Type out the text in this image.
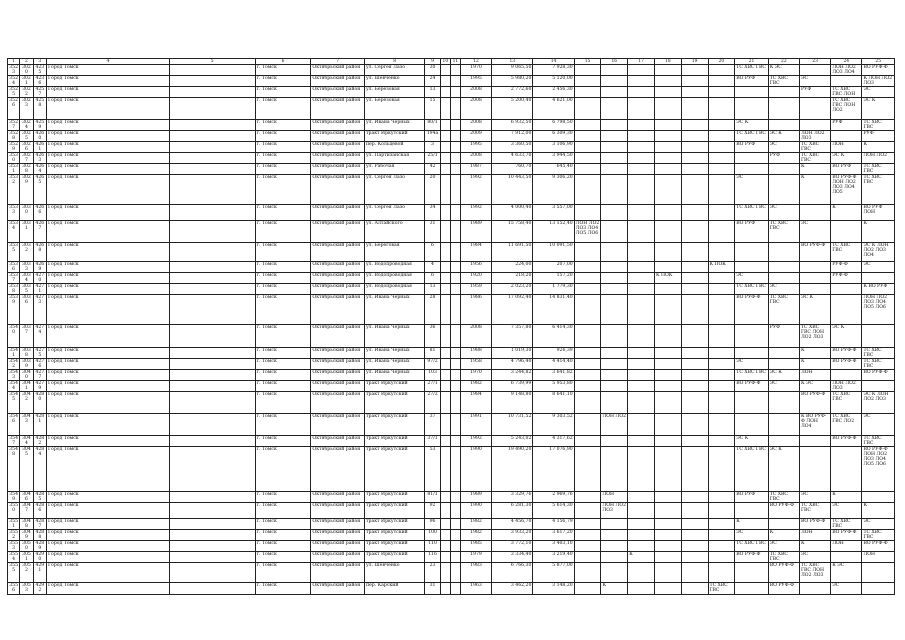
1	2	3	4	5	6	7	8	9	10	11	12	13	14	15	16	17	18	19	20	21	22	23	24	25
3523	3020	4235	Город Томск		г. Томск	Октябрьский район	ул. Сергея Лазо	30			1970	9 065,50	7 928,30							ТС ХВС ГВС	К ЭС		ЛОН ЛО2 ЛО3 ЛО4	ВО РУФ-Ф
3524	3021	4236	Город Томск		г. Томск	Октябрьский район	ул. Шевченко	24			1995	5 980,20	5 120,00							ВО РУФ	ТС ХВС ГВС	ЭС		К ЛОН ЛО2 ЛО3
3525	3022	4257	Город Томск		г. Томск	Октябрьский район	ул. Берёзовая	13			2008	2 772,60	2 456,30									РУФ	ТС ХВС ГВС ЛОН	ЭС
3526	3023	4258	Город Томск		г. Томск	Октябрьский район	ул. Берёзовая	15			2008	5 200,40	4 621,00										ТС ХВС ГВС ЛОН ЛО2	ЭС К
3527	3024	4259	Город Томск		г. Томск	Октябрьский район	ул. Ивана Черных	80/1			2008	6 932,50	6 798,50							ЭС К			РУФ	ТС ХВС ГВС
3528	3025	4260	Город Томск		г. Томск	Октябрьский район	тракт Иркутский	194а			2009	7 912,00	6 309,30							ТС ХВС ГВС	ЭС К	ЛОН ЛО2 ЛО3		РУФ
3529	3026	4261	Город Томск		г. Томск	Октябрьский район	пер. Кольцевой	3			1995	3 360,50	3 106,90							ВО РУФ	ЭС	ТС ХВС ГВС	ЛОН	К
3530	3027	4263	Город Томск		г. Томск	Октябрьский район	ул. Партизанская	25/1			2008	4 633,70	3 944,50								РУФ	ТС ХВС ГВС	ЭС К	ЛОН ЛО2
3531	3028	4264	Город Томск		г. Томск	Октябрьский район	ул. Рабочая	42			1987	760,70	645,40									К	ВО РУФ	ТС ХВС ГВС
3532	3029	4265	Город Томск		г. Томск	Октябрьский район	ул. Сергея Лазо	20			1992	10 443,50	9 306,20							ЭС		К	ВО РУФ-Ф ЛОН ЛО2 ЛО3 ЛО4 ЛО5	ТС ХВС ГВС
3533	3030	4266	Город Томск		г. Томск	Октябрьский район	ул. Сергея Лазо	34			1992	4 000,40	3 557,00							ТС ХВС ГВС	ЭС		К	ВО РУФ ЛОН
3534	3031	4267	Город Томск		г. Томск	Октябрьский район	ул. Алтайского	31			1989	15 758,40	13 152,40	ЛОН ЛО2 ЛО3 ЛО4 ЛО5 ЛО6						ВО РУФ	ТС ХВС ГВС	ЭС		К
3535	3032	4268	Город Томск		г. Томск	Октябрьский район	ул. Береговая	6			1984	11 691,50	10 091,50									ВО РУФ-Ф	ТС ХВС ГВС	ЭС К ЛОН ЛО2 ЛО3 ЛО4
3536	3033	4269	Город Томск		г. Томск	Октябрьский район	ул. Водопроводная	4			1956	224,00	207,00						К ПОК				РУФ-Ф	ЭС
3537	3034	4270	Город Томск		г. Томск	Октябрьский район	ул. Водопроводная	6			1920	218,20	157,20				К ПОК			ЭС			РУФ-Ф	
3538	3035	4271	Город Томск		г. Томск	Октябрьский район	ул. Водопроводная	13			1959	2 023,20	1 779,30							ТС ХВС ГВС	ЭС			К ВО РУФ
3539	3036	4273	Город Томск		г. Томск	Октябрьский район	ул. Ивана Черных	28			1986	17 092,40	14 831,40							ВО РУФ-Ф	ТС ХВС ГВС	ЭС К		ЛОН ЛО2 ЛО3 ЛО4 ЛО5 ЛО6
3540	3037	4274	Город Томск		г. Томск	Октябрьский район	ул. Ивана Черных	36			2008	7 357,80	6 414,30								РУФ	ТС ХВС ГВС ЛОН ЛО2 ЛО3	ЭС К	
3541	3038	4275	Город Томск		г. Томск	Октябрьский район	ул. Ивана Черных	81			1988	1 019,30	926,39									К	ВО РУФ-Ф	ТС ХВС ГВС
3542	3039	4276	Город Томск		г. Томск	Октябрьский район	ул. Ивана Черных	97/2			1958	4 796,40	4 414,40							ЭС		К	ВО РУФ-Ф	ТС ХВС ГВС
3543	3040	4277	Город Томск		г. Томск	Октябрьский район	ул. Ивана Черных	103			1970	3 244,82	3 641,82							ТС ХВС ГВС	ЭС К	ЛОН		ВО РУФ-Ф
3544	3041	4279	Город Томск		г. Томск	Октябрьский район	тракт Иркутский	27/1			1982	6 739,99	5 953,80							ВО РУФ-Ф	ЭС	К ЭС	ЛОН ЛО2 ЛО3	
3545	3042	4280	Город Томск		г. Томск	Октябрьский район	тракт Иркутский	27/2			1984	9 148,80	8 641,10									ВО РУФ-Ф	ТС ХВС ГВС	ЭС К ЛОН ЛО2 ЛО3
3546	3043	4281	Город Томск		г. Томск	Октябрьский район	тракт Иркутский	37			1991	10 731,52	9 303,52		ЛОН ЛО2							К ВО РУФ-Ф ЛОН ЛО4	ТС ХВС ГВС ЛО2	ЭС
3547	3044	4282	Город Томск		г. Томск	Октябрьский район	тракт Иркутский	37/1			1992	5 243,02	4 317,62							ЭС К			ВО РУФ-Ф	ТС ХВС ГВС
3548	3045	4284	Город Томск		г. Томск	Октябрьский район	тракт Иркутский	53			1990	19 490,20	17 076,90							ТС ХВС ГВС	ЭС К			ВО РУФ-Ф ЛОН ЛО2 ЛО3 ЛО4 ЛО5 ЛО6
3549	3046	4285	Город Томск		г. Томск	Октябрьский район	тракт Иркутский	81/1			1989	3 329,76	2 969,76		ЛОН					ВО РУФ	ТС ХВС ГВС	ЭС	К	
3550	3047	4286	Город Томск		г. Томск	Октябрьский район	тракт Иркутский	92			1990	6 281,30	5 614,30		ЛОН ЛО2 ЛО3						ВО РУФ-Ф	ТС ХВС ГВС	ЭС	К
3551	3048	4287	Город Томск		г. Томск	Октябрьский район	тракт Иркутский	96			1982	4 456,70	4 156,79							К		ВО РУФ-Ф	ТС ХВС ГВС	ЭС
3552	3049	4288	Город Томск		г. Томск	Октябрьский район	тракт Иркутский	100			1982	3 933,20	3 617,20							ЭС	К	ЛОН	ВО РУФ-Ф	ТС ХВС ГВС
3553	3050	4289	Город Томск		г. Томск	Октябрьский район	тракт Иркутский	110			1985	3 772,10	3 403,10							ТС ХВС ГВС	ЭС	К	ЛОН	ВО РУФ-Ф
3554	3051	4290	Город Томск		г. Томск	Октябрьский район	тракт Иркутский	116			1979	3 334,40	3 219,40			К				ВО РУФ-Ф	ТС ХВС ГВС	ЭС		ЛОН
3555	3052	4291	Город Томск		г. Томск	Октябрьский район	ул. Шевченко	23			1983	6 766,30	5 877,00								ВО РУФ-Ф	ТС ХВС ГВС ЛОН ЛО2 ЛО3	К ЭС	
3556	3053	4292	Город Томск		г. Томск	Октябрьский район	пер. Карский	31			1963	3 462,20	3 148,20		К				ТС ХВС ГВС		ВО РУФ-Ф		ЭС	
